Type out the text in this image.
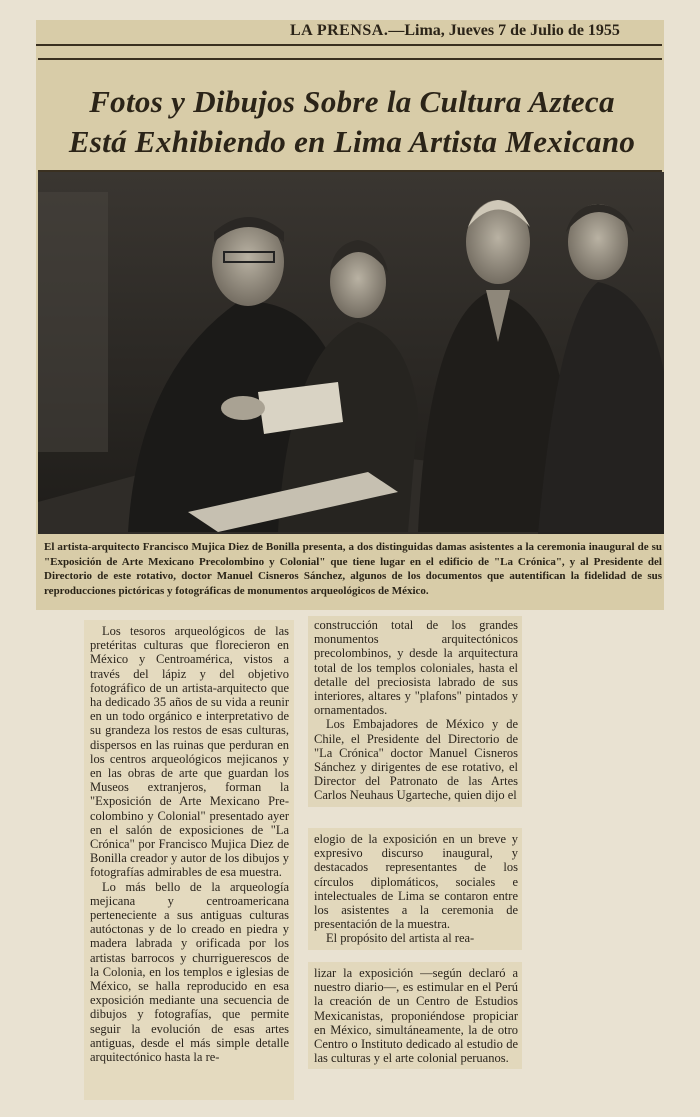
LA PRENSA.—Lima, Jueves 7 de Julio de 1955
Fotos y Dibujos Sobre la Cultura Azteca
Está Exhibiendo en Lima Artista Mexicano
El artista-arquitecto Francisco Mujica Diez de Bonilla presenta, a dos distinguidas damas asistentes a la ceremonia inaugural de su "Exposición de Arte Mexicano Precolombino y Colonial" que tiene lugar en el edificio de "La Crónica", y al Presidente del Directorio de este rotativo, doctor Manuel Cisneros Sánchez, algunos de los documentos que autentifican la fidelidad de sus reproducciones pictóricas y fotográficas de monumentos arqueológicos de México.

Los tesoros arqueológicos de las pretéritas culturas que florecieron en México y Centroamérica, vistos a través del lápiz y del objetivo fotográfico de un artista-arquitecto que ha dedicado 35 años de su vida a reunir en un todo orgánico e interpretativo de su grandeza los restos de esas culturas, dispersos en las ruinas que perduran en los centros arqueológicos mejicanos y en las obras de arte que guardan los Museos extranjeros, forman la "Exposición de Arte Mexicano Pre-colombino y Colonial" presentado ayer en el salón de exposiciones de "La Crónica" por Francisco Mujica Diez de Bonilla creador y autor de los dibujos y fotografías admirables de esa muestra.

Lo más bello de la arqueología mejicana y centroamericana perteneciente a sus antiguas culturas autóctonas y de lo creado en piedra y madera labrada y orificada por los artistas barrocos y churriguerescos de la Colonia, en los templos e iglesias de México, se halla reproducido en esa exposición mediante una secuencia de dibujos y fotografías, que permite seguir la evolución de esas artes antiguas, desde el más simple detalle arquitectónico hasta la re-

construcción total de los grandes monumentos arquitectónicos precolombinos, y desde la arquitectura total de los templos coloniales, hasta el detalle del preciosista labrado de sus interiores, altares y "plafons" pintados y ornamentados.

Los Embajadores de México y de Chile, el Presidente del Directorio de "La Crónica" doctor Manuel Cisneros Sánchez y dirigentes de ese rotativo, el Director del Patronato de las Artes Carlos Neuhaus Ugarteche, quien dijo el

elogio de la exposición en un breve y expresivo discurso inaugural, y destacados representantes de los círculos diplomáticos, sociales e intelectuales de Lima se contaron entre los asistentes a la ceremonia de presentación de la muestra.

El propósito del artista al rea-

lizar la exposición —según declaró a nuestro diario—, es estimular en el Perú la creación de un Centro de Estudios Mexicanistas, proponiéndose propiciar en México, simultáneamente, la de otro Centro o Instituto dedicado al estudio de las culturas y el arte colonial peruanos.
